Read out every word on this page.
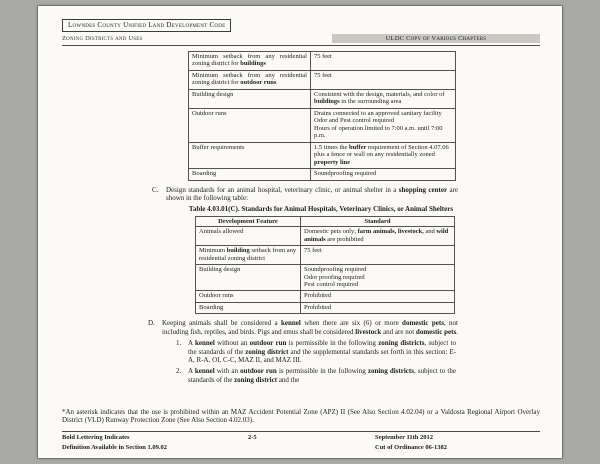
Lowndes County Unified Land Development Code
Zoning Districts and Uses	ULDC Copy of Various Chapters
Minimum setback from any residential zoning district for buildings	75 feet
Minimum setback from any residential zoning district for outdoor runs	75 feet
Building design	Consistent with the design, materials, and color of buildings in the surrounding area
Outdoor runs	Drains connected to an approved sanitary facility
Odor and Pest control required
Hours of operation limited to 7:00 a.m. until 7:00 p.m.

Buffer requirements	1.5 times the buffer requirement of Section 4.07.06 plus a fence or wall on any residentially zoned property line
Boarding	Soundproofing required
C.	Design standards for an animal hospital, veterinary clinic, or animal shelter in a shopping center are shown in the following table:
Table 4.03.01(C). Standards for Animal Hospitals, Veterinary Clinics, or Animal Shelters
Development Feature	Standard
Animals allowed	Domestic pets only; farm animals, livestock, and wild animals are prohibited
Minimum building setback from any residential zoning district	75 feet
Building design	Soundproofing required
Odor proofing required
Pest control required

Outdoor runs	Prohibited
Boarding	Prohibited
D.	Keeping animals shall be considered a kennel when there are six (6) or more domestic pets, not including fish, reptiles, and birds. Pigs and emus shall be considered livestock and are not domestic pets.
1. A kennel without an outdoor run is permissible in the following zoning districts, subject to the standards of the zoning district and the supplemental standards set forth in this section: E-A, R-A, OI, C-C, MAZ II, and MAZ III.
2. A kennel with an outdoor run is permissible in the following zoning districts, subject to the standards of the zoning district and the
*An asterisk indicates that the use is prohibited within an MAZ Accident Potential Zone (APZ) II (See Also Section 4.02.04) or a Valdosta Regional Airport Overlay District (VLD) Runway Protection Zone (See Also Section 4.02.03).
Bold Lettering Indicates	2-5	September 11th 2012
Definition Available in Section 1.09.02	Cut of Ordinance 06-1382
